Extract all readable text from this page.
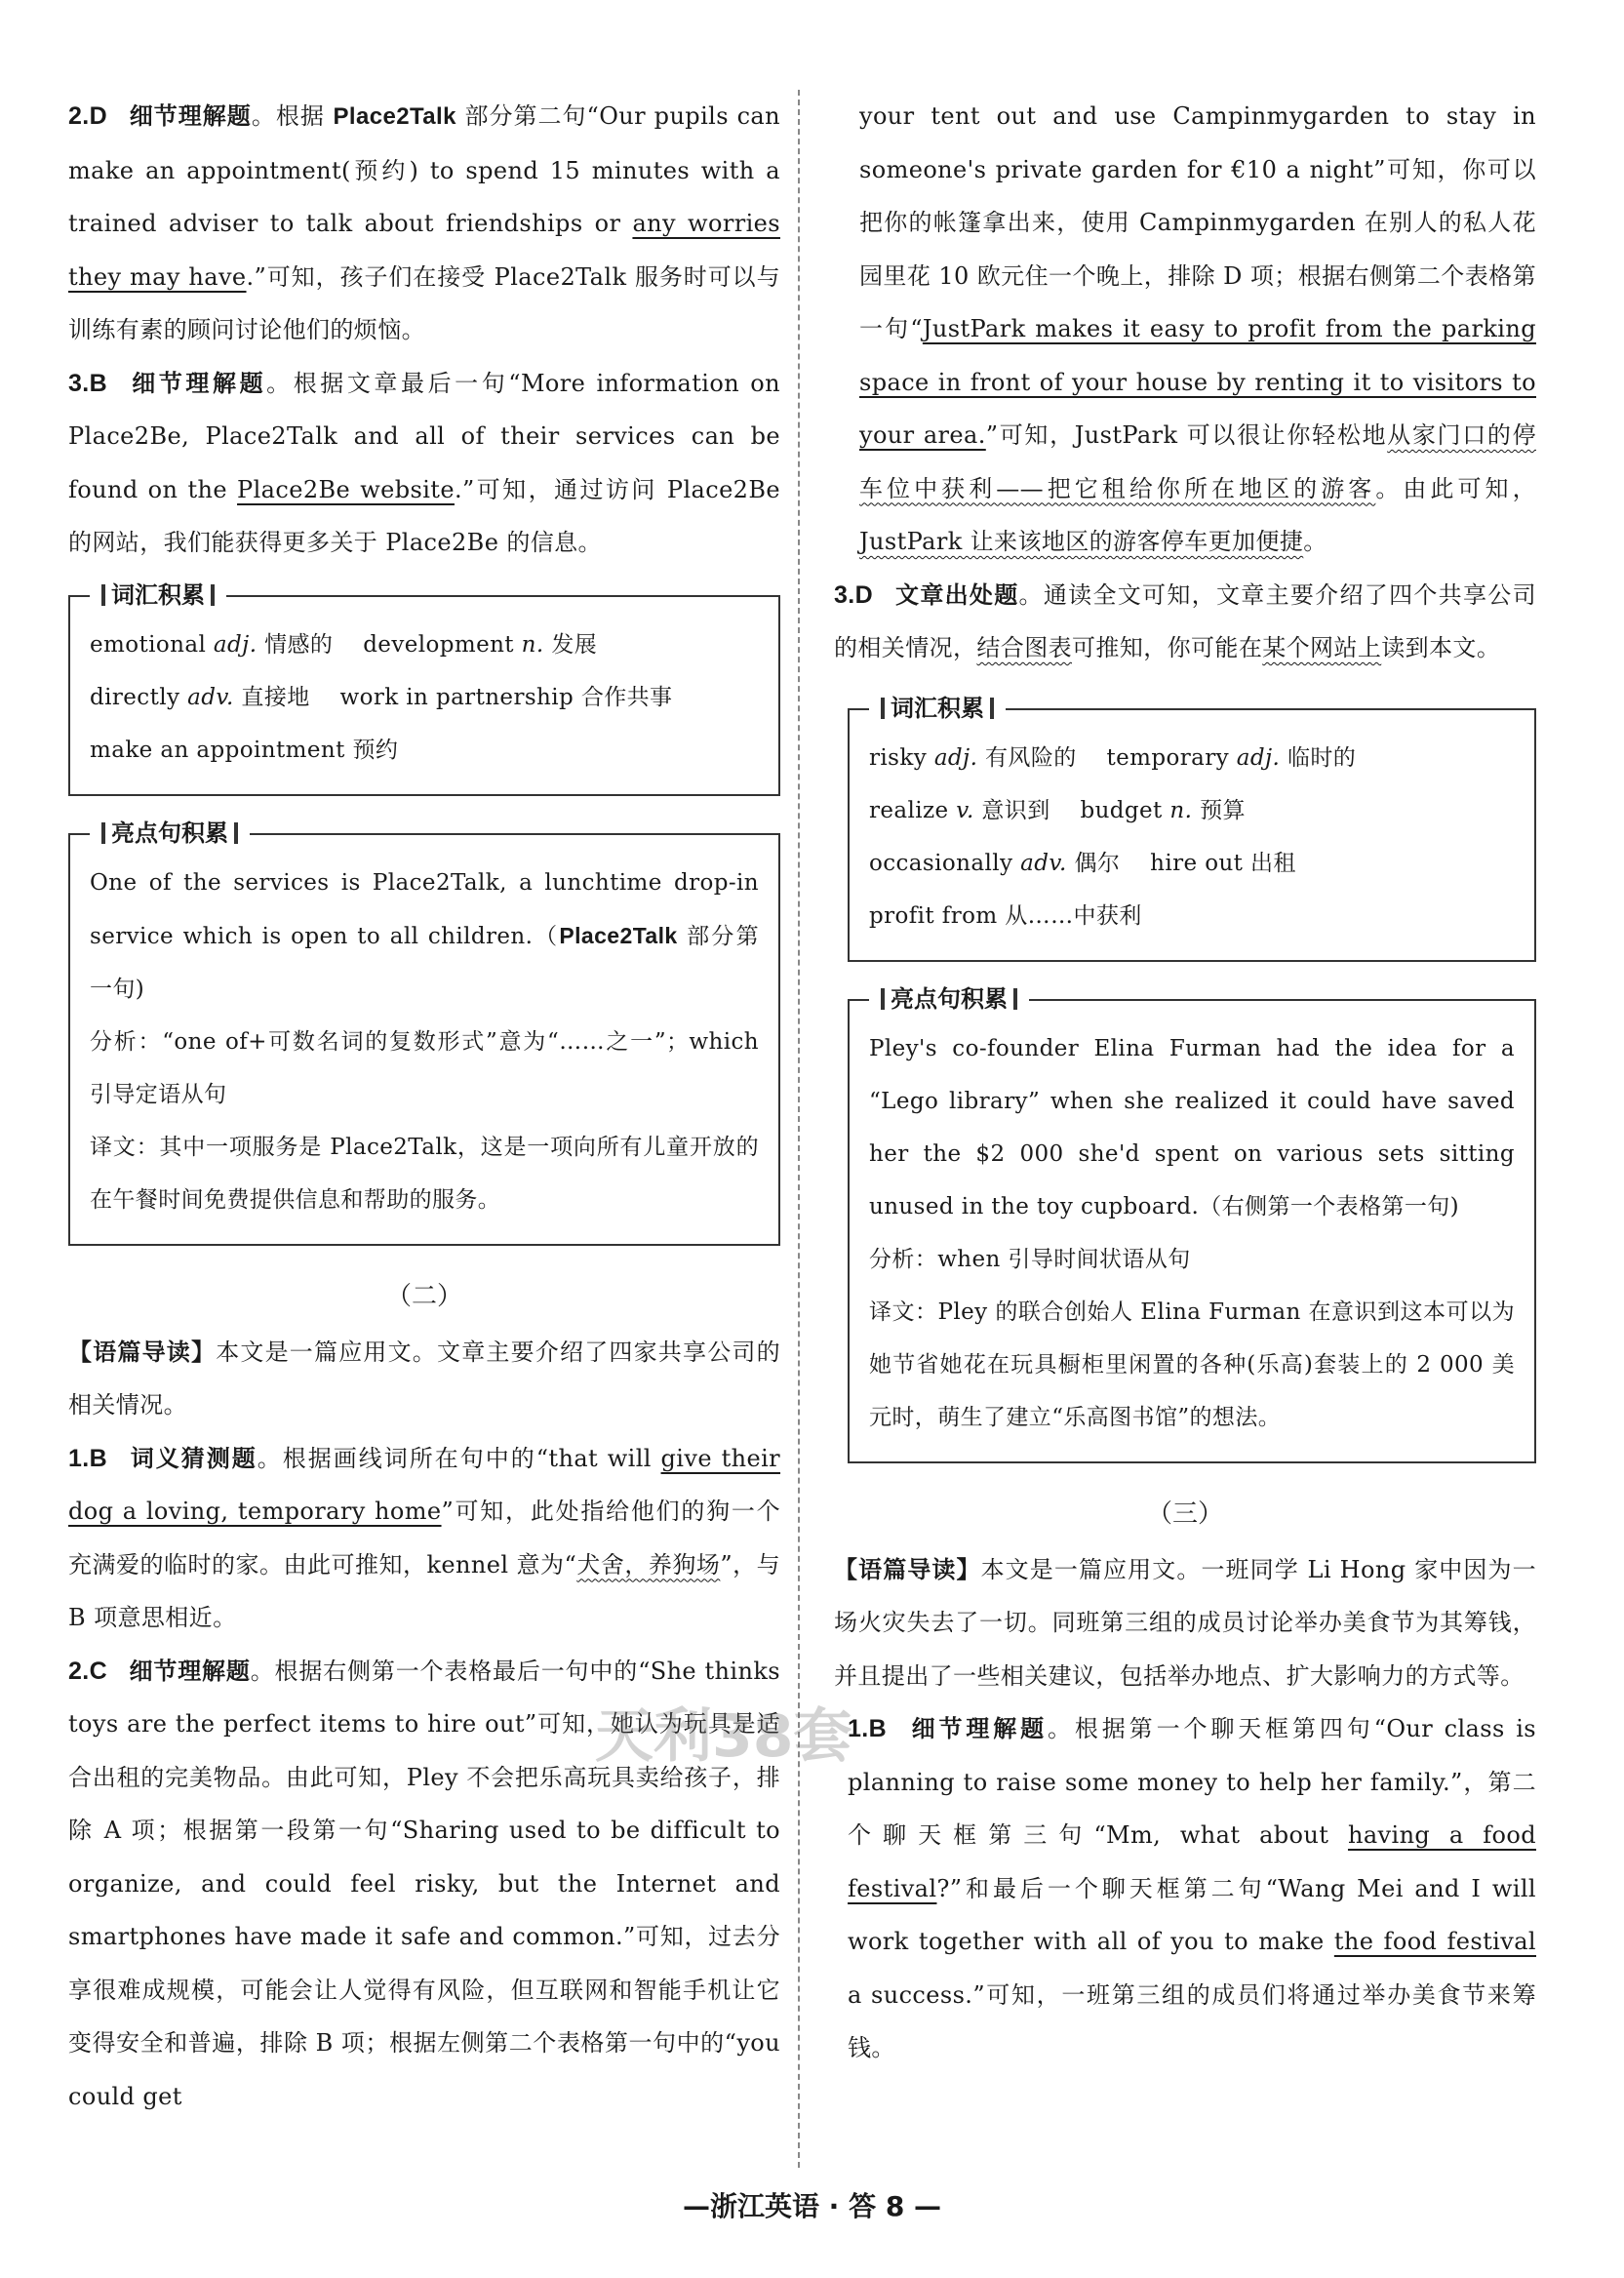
2.D 细节理解题。根据 Place2Talk 部分第二句“Our pupils can make an appointment(预约) to spend 15 minutes with a trained adviser to talk about friendships or any worries they may have.”可知，孩子们在接受 Place2Talk 服务时可以与训练有素的顾问讨论他们的烦恼。
3.B 细节理解题。根据文章最后一句“More information on Place2Be, Place2Talk and all of their services can be found on the Place2Be website.”可知，通过访问 Place2Be 的网站，我们能获得更多关于 Place2Be 的信息。
词汇积累
emotional adj. 情感的 development n. 发展
directly adv. 直接地 work in partnership 合作共事
make an appointment 预约
亮点句积累
One of the services is Place2Talk, a lunchtime drop-in service which is open to all children.（Place2Talk 部分第一句)
分析：“one of+可数名词的复数形式”意为“……之一”；which 引导定语从句
译文：其中一项服务是 Place2Talk，这是一项向所有儿童开放的在午餐时间免费提供信息和帮助的服务。
（二）
【语篇导读】本文是一篇应用文。文章主要介绍了四家共享公司的相关情况。
1.B 词义猜测题。根据画线词所在句中的“that will give their dog a loving, temporary home”可知，此处指给他们的狗一个充满爱的临时的家。由此可推知，kennel 意为“犬舍，养狗场”，与 B 项意思相近。
2.C 细节理解题。根据右侧第一个表格最后一句中的“She thinks toys are the perfect items to hire out”可知，她认为玩具是适合出租的完美物品。由此可知，Pley 不会把乐高玩具卖给孩子，排除 A 项；根据第一段第一句“Sharing used to be difficult to organize, and could feel risky, but the Internet and smartphones have made it safe and common.”可知，过去分享很难成规模，可能会让人觉得有风险，但互联网和智能手机让它变得安全和普遍，排除 B 项；根据左侧第二个表格第一句中的“you could get
your tent out and use Campinmygarden to stay in someone's private garden for €10 a night”可知，你可以把你的帐篷拿出来，使用 Campinmygarden 在别人的私人花园里花 10 欧元住一个晚上，排除 D 项；根据右侧第二个表格第一句“JustPark makes it easy to profit from the parking space in front of your house by renting it to visitors to your area.”可知，JustPark 可以很让你轻松地从家门口的停车位中获利——把它租给你所在地区的游客。由此可知，JustPark 让来该地区的游客停车更加便捷。
3.D 文章出处题。通读全文可知，文章主要介绍了四个共享公司的相关情况，结合图表可推知，你可能在某个网站上读到本文。
词汇积累
risky adj. 有风险的 temporary adj. 临时的
realize v. 意识到 budget n. 预算
occasionally adv. 偶尔 hire out 出租
profit from 从……中获利
亮点句积累
Pley's co-founder Elina Furman had the idea for a “Lego library” when she realized it could have saved her the $2 000 she'd spent on various sets sitting unused in the toy cupboard.（右侧第一个表格第一句)
分析：when 引导时间状语从句
译文：Pley 的联合创始人 Elina Furman 在意识到这本可以为她节省她花在玩具橱柜里闲置的各种(乐高)套装上的 2 000 美元时，萌生了建立“乐高图书馆”的想法。
（三）
【语篇导读】本文是一篇应用文。一班同学 Li Hong 家中因为一场火灾失去了一切。同班第三组的成员讨论举办美食节为其筹钱，并且提出了一些相关建议，包括举办地点、扩大影响力的方式等。
1.B 细节理解题。根据第一个聊天框第四句“Our class is planning to raise some money to help her family.”，第二个聊天框第三句“Mm, what about having a food festival?”和最后一个聊天框第二句“Wang Mei and I will work together with all of you to make the food festival a success.”可知，一班第三组的成员们将通过举办美食节来筹钱。
天利38套
—浙江英语 · 答 8 —
